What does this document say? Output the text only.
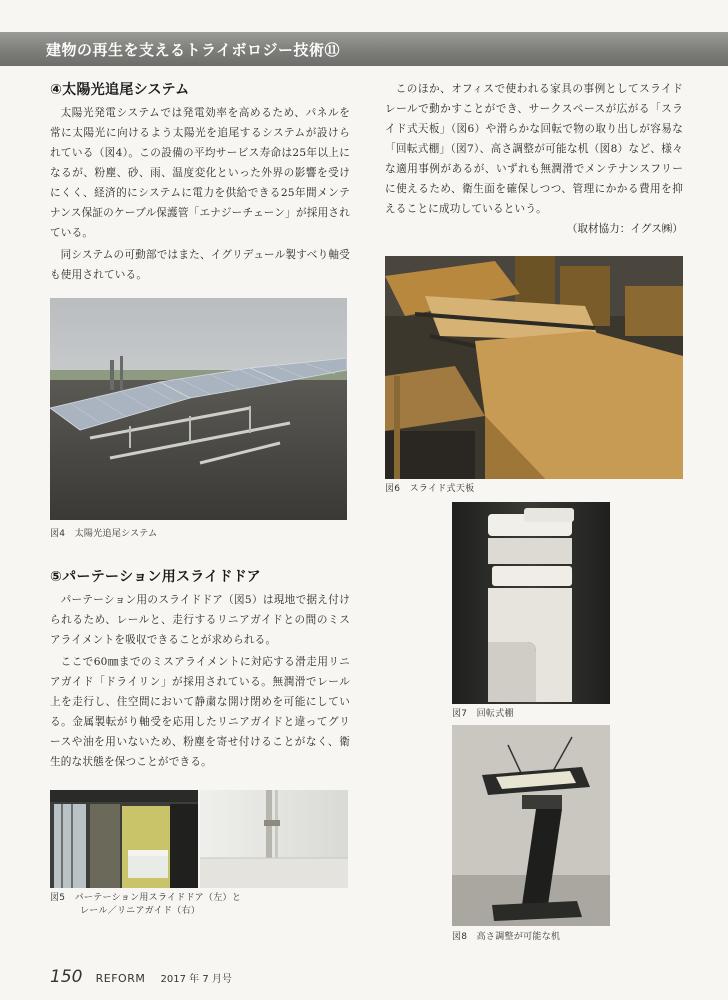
建物の再生を支えるトライボロジー技術⑪
④太陽光追尾システム

太陽光発電システムでは発電効率を高めるため、パネルを常に太陽光に向けるよう太陽光を追尾するシステムが設けられている（図4）。この設備の平均サービス寿命は25年以上になるが、粉塵、砂、雨、温度変化といった外界の影響を受けにくく、経済的にシステムに電力を供給できる25年間メンテナンス保証のケーブル保護管「エナジーチェーン」が採用されている。

同システムの可動部ではまた、イグリデュール製すべり軸受も使用されている。

図4　太陽光追尾システム
⑤パーテーション用スライドドア

パーテーション用のスライドドア（図5）は現地で据え付けられるため、レールと、走行するリニアガイドとの間のミスアライメントを吸収できることが求められる。

ここで60㎜までのミスアライメントに対応する滑走用リニアガイド「ドライリン」が採用されている。無潤滑でレール上を走行し、住空間において静粛な開け閉めを可能にしている。金属製転がり軸受を応用したリニアガイドと違ってグリースや油を用いないため、粉塵を寄せ付けることがなく、衛生的な状態を保つことができる。

図5　パーテーション用スライドドア（左）と
レール／リニアガイド（右）

このほか、オフィスで使われる家具の事例としてスライドレールで動かすことができ、サークスペースが広がる「スライド式天板」（図6）や滑らかな回転で物の取り出しが容易な「回転式棚」（図7）、高さ調整が可能な机（図8）など、様々な適用事例があるが、いずれも無潤滑でメンテナンスフリーに使えるため、衛生面を確保しつつ、管理にかかる費用を抑えることに成功しているという。

（取材協力：イグス㈱）

図6　スライド式天板
図7　回転式棚
図8　高さ調整が可能な机
150 REFORM 2017 年 7 月号
